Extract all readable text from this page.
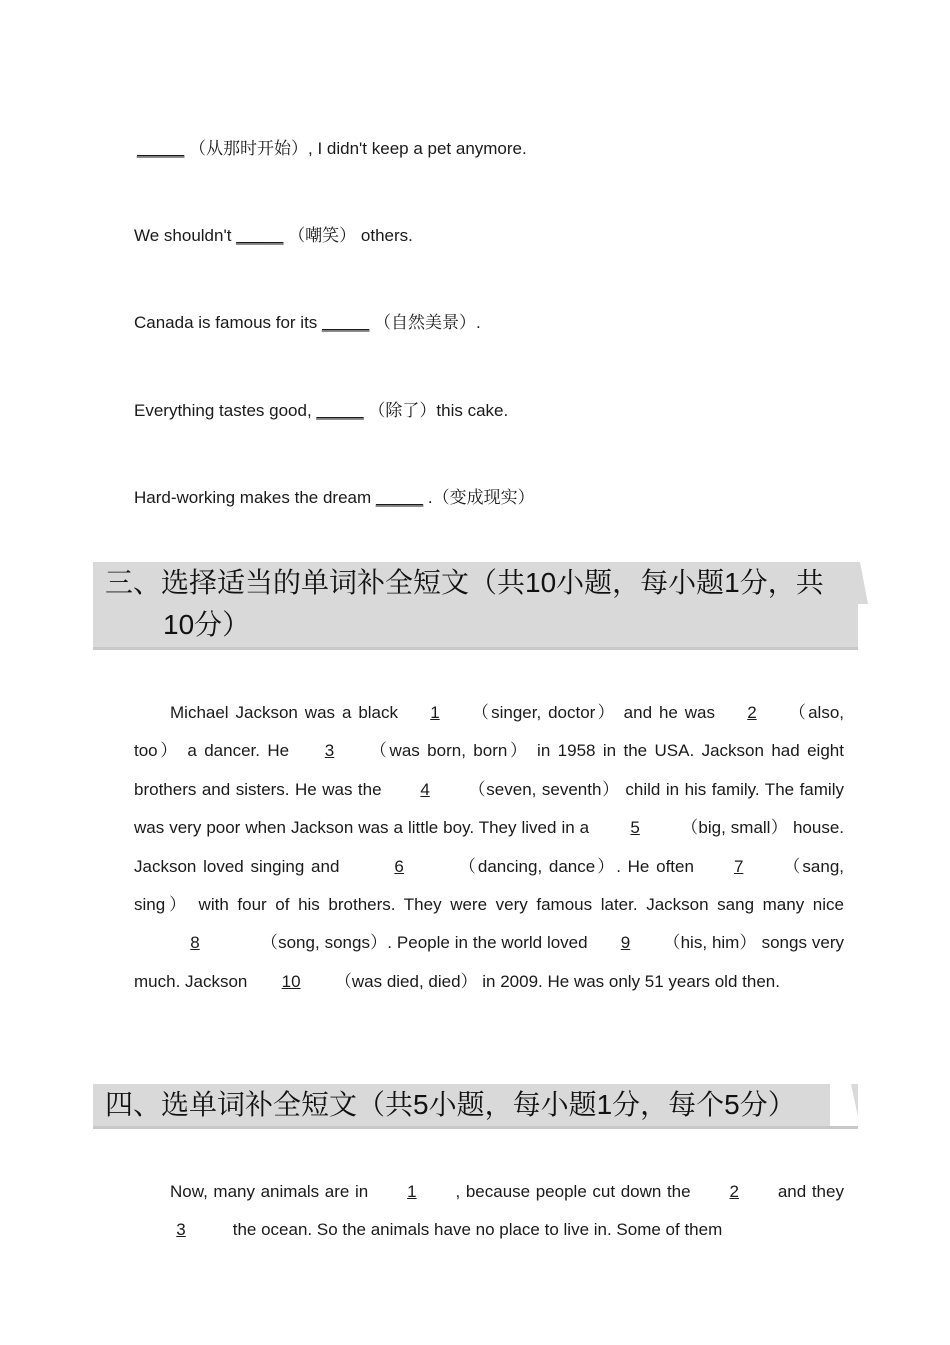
_____ （从那时开始）, I didn't keep a pet anymore.
We shouldn't _____ （嘲笑） others.
Canada is famous for its _____ （自然美景）.
Everything tastes good, _____ （除了）this cake.
Hard-working makes the dream _____ .（变成现实）
三、选择适当的单词补全短文（共10小题，每小题1分，共
10分）
Michael Jackson was a black 1 （singer, doctor） and he was 2 （also, too） a dancer. He 3 （was born, born） in 1958 in the USA. Jackson had eight brothers and sisters. He was the 4 （seven, seventh） child in his family. The family was very poor when Jackson was a little boy. They lived in a 5 （big, small） house. Jackson loved singing and	6	（dancing, dance）. He often 7 （sang, sing） with four of his brothers. They were very famous later. Jackson sang many nice 8	（song, songs）. People in the world loved 9 （his, him） songs very much. Jackson 10 （was died, died） in 2009. He was only 51 years old then.
四、选单词补全短文（共5小题，每小题1分，每个5分）
Now, many animals are in 1 , because people cut down the 2 and they 3	the ocean. So the animals have no place to live in. Some of them
